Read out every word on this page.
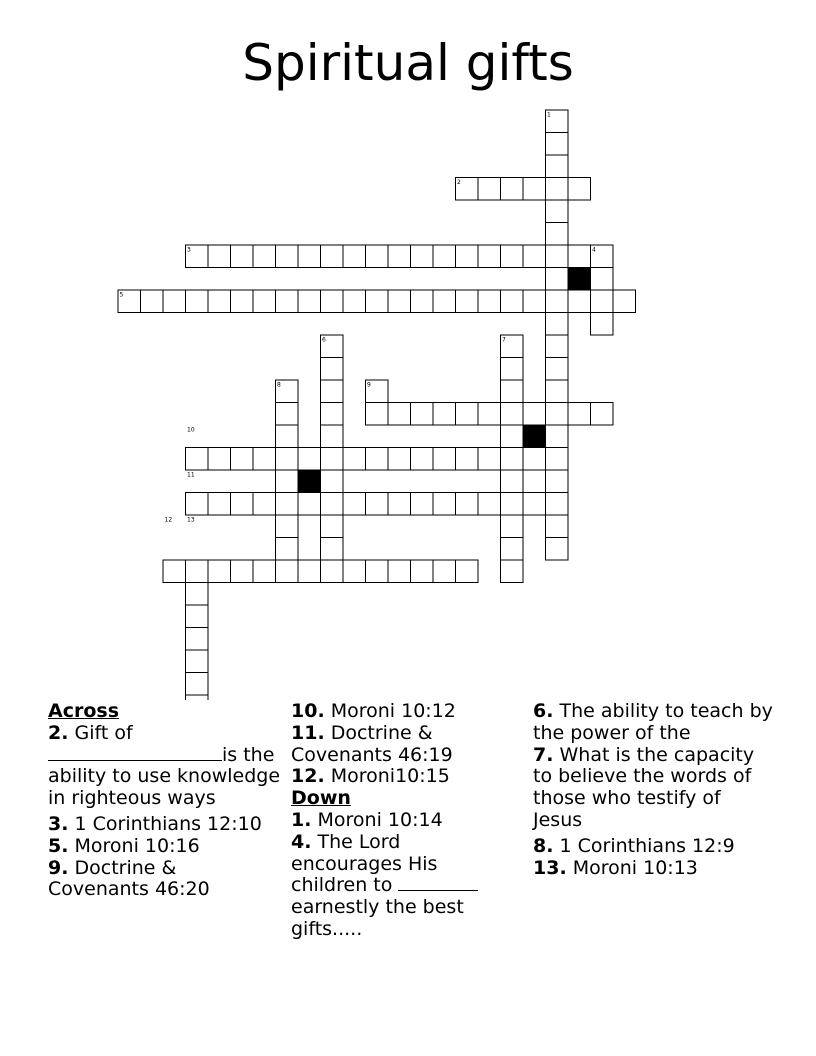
Spiritual gifts
1
2
3	4
5
6	7
8	9
10
11
12 13
Across
2. Gift of
is the ability to use knowledge in righteous ways
3. 1 Corinthians 12:10
5. Moroni 10:16
9. Doctrine & Covenants 46:20
10. Moroni 10:12
11. Doctrine & Covenants 46:19
12. Moroni10:15
Down
1. Moroni 10:14
4. The Lord encourages His children to  earnestly the best gifts.....
6. The ability to teach by the power of the
7. What is the capacity to believe the words of those who testify of Jesus
8. 1 Corinthians 12:9
13. Moroni 10:13
